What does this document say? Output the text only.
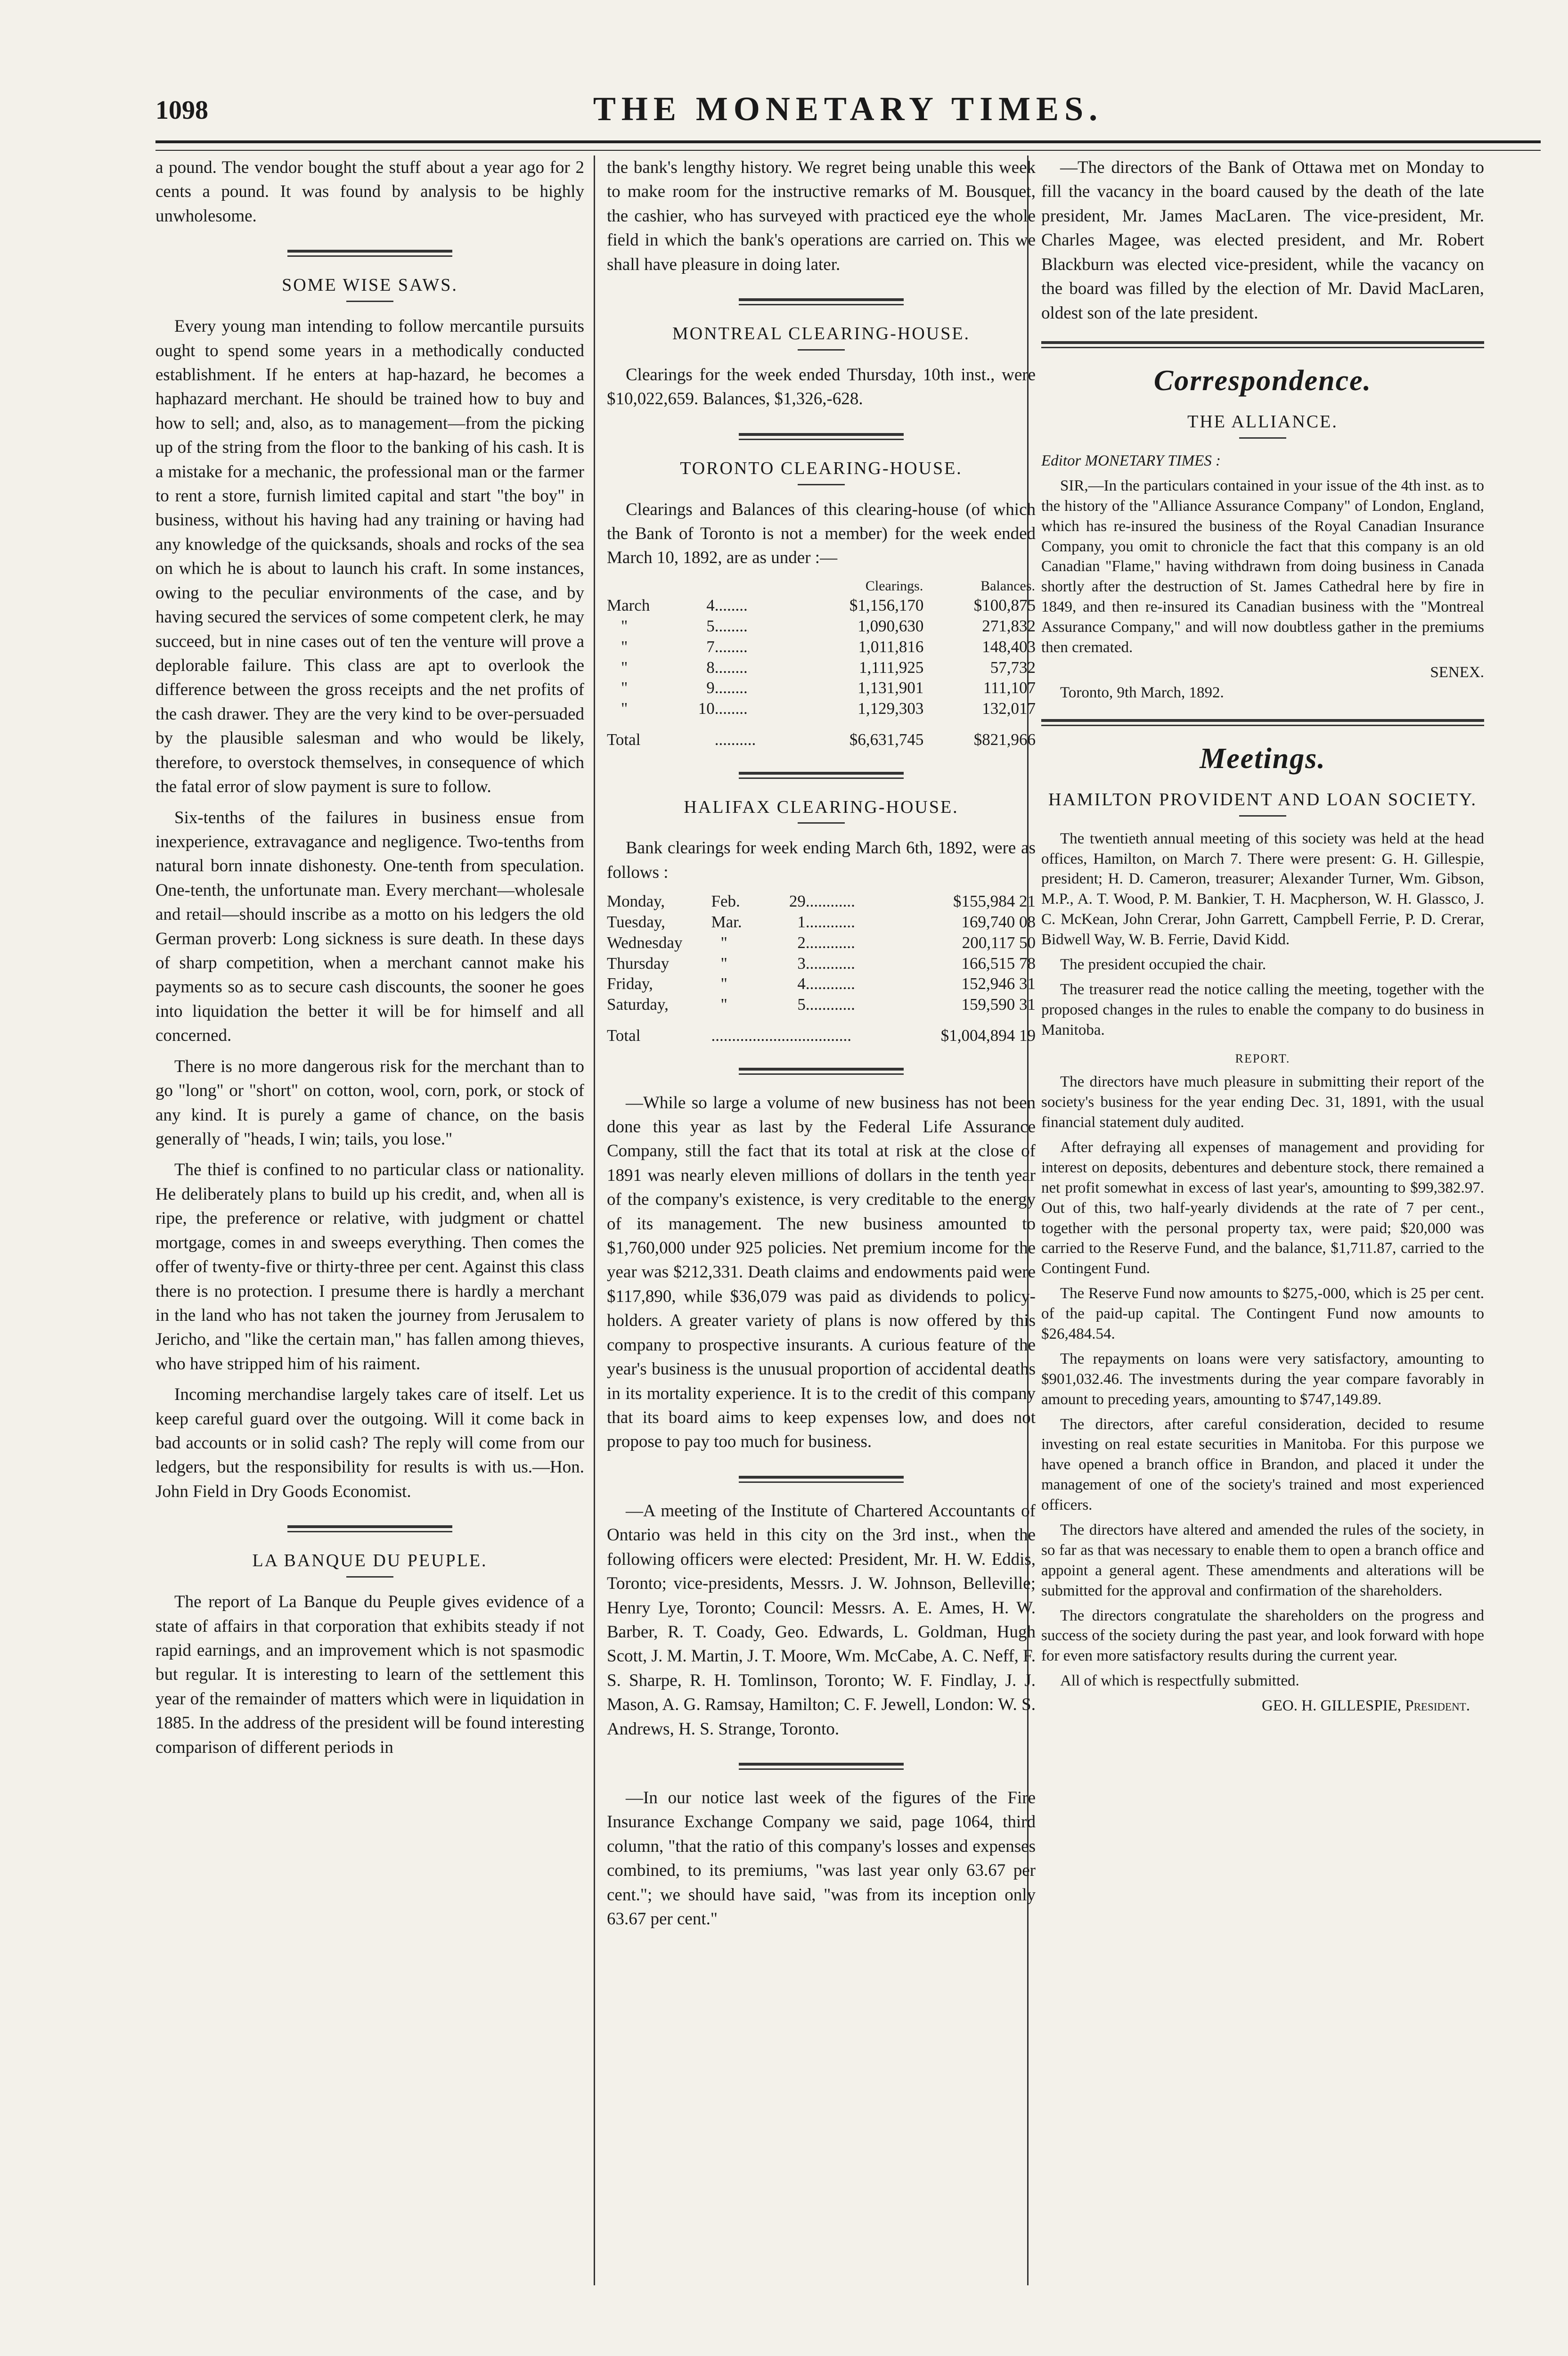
1098	THE MONETARY TIMES.

a pound. The vendor bought the stuff about a year ago for 2 cents a pound. It was found by analysis to be highly unwholesome.

SOME WISE SAWS.

Every young man intending to follow mercantile pursuits ought to spend some years in a methodically conducted establishment. If he enters at hap-hazard, he becomes a haphazard merchant. He should be trained how to buy and how to sell; and, also, as to management—from the picking up of the string from the floor to the banking of his cash. It is a mistake for a mechanic, the professional man or the farmer to rent a store, furnish limited capital and start "the boy" in business, without his having had any training or having had any knowledge of the quicksands, shoals and rocks of the sea on which he is about to launch his craft. In some instances, owing to the peculiar environments of the case, and by having secured the services of some competent clerk, he may succeed, but in nine cases out of ten the venture will prove a deplorable failure. This class are apt to overlook the difference between the gross receipts and the net profits of the cash drawer. They are the very kind to be over-persuaded by the plausible salesman and who would be likely, therefore, to overstock themselves, in consequence of which the fatal error of slow payment is sure to follow.

Six-tenths of the failures in business ensue from inexperience, extravagance and negligence. Two-tenths from natural born innate dishonesty. One-tenth from speculation. One-tenth, the unfortunate man. Every merchant—wholesale and retail—should inscribe as a motto on his ledgers the old German proverb: Long sickness is sure death. In these days of sharp competition, when a merchant cannot make his payments so as to secure cash discounts, the sooner he goes into liquidation the better it will be for himself and all concerned.

There is no more dangerous risk for the merchant than to go "long" or "short" on cotton, wool, corn, pork, or stock of any kind. It is purely a game of chance, on the basis generally of "heads, I win; tails, you lose."

The thief is confined to no particular class or nationality. He deliberately plans to build up his credit, and, when all is ripe, the preference or relative, with judgment or chattel mortgage, comes in and sweeps everything. Then comes the offer of twenty-five or thirty-three per cent. Against this class there is no protection. I presume there is hardly a merchant in the land who has not taken the journey from Jerusalem to Jericho, and "like the certain man," has fallen among thieves, who have stripped him of his raiment.

Incoming merchandise largely takes care of itself. Let us keep careful guard over the outgoing. Will it come back in bad accounts or in solid cash? The reply will come from our ledgers, but the responsibility for results is with us.—Hon. John Field in Dry Goods Economist.

LA BANQUE DU PEUPLE.

The report of La Banque du Peuple gives evidence of a state of affairs in that corporation that exhibits steady if not rapid earnings, and an improvement which is not spasmodic but regular. It is interesting to learn of the settlement this year of the remainder of matters which were in liquidation in 1885. In the address of the president will be found interesting comparison of different periods in

the bank's lengthy history. We regret being unable this week to make room for the instructive remarks of M. Bousquet, the cashier, who has surveyed with practiced eye the whole field in which the bank's operations are carried on. This we shall have pleasure in doing later.

MONTREAL CLEARING-HOUSE.

Clearings for the week ended Thursday, 10th inst., were $10,022,659. Balances, $1,326,-628.

TORONTO CLEARING-HOUSE.

Clearings and Balances of this clearing-house (of which the Bank of Toronto is not a member) for the week ended March 10, 1892, are as under :—

			Clearings.	Balances.
March	4	........	$1,156,170	$100,875
"	5	........	1,090,630	271,832
"	7	........	1,011,816	148,403
"	8	........	1,111,925	57,732
"	9	........	1,131,901	111,107
"	10	........	1,129,303	132,017
Total		..........	$6,631,745	$821,966
HALIFAX CLEARING-HOUSE.

Bank clearings for week ending March 6th, 1892, were as follows :

Monday,	Feb.	29	............	$155,984 21
Tuesday,	Mar.	1	............	169,740 08
Wednesday	"	2	............	200,117 50
Thursday	"	3	............	166,515 78
Friday,	"	4	............	152,946 31
Saturday,	"	5	............	159,590 31
Total	..................................			$1,004,894 19

—While so large a volume of new business has not been done this year as last by the Federal Life Assurance Company, still the fact that its total at risk at the close of 1891 was nearly eleven millions of dollars in the tenth year of the company's existence, is very creditable to the energy of its management. The new business amounted to $1,760,000 under 925 policies. Net premium income for the year was $212,331. Death claims and endowments paid were $117,890, while $36,079 was paid as dividends to policy-holders. A greater variety of plans is now offered by this company to prospective insurants. A curious feature of the year's business is the unusual proportion of accidental deaths in its mortality experience. It is to the credit of this company that its board aims to keep expenses low, and does not propose to pay too much for business.

—A meeting of the Institute of Chartered Accountants of Ontario was held in this city on the 3rd inst., when the following officers were elected: President, Mr. H. W. Eddis, Toronto; vice-presidents, Messrs. J. W. Johnson, Belleville; Henry Lye, Toronto; Council: Messrs. A. E. Ames, H. W. Barber, R. T. Coady, Geo. Edwards, L. Goldman, Hugh Scott, J. M. Martin, J. T. Moore, Wm. McCabe, A. C. Neff, F. S. Sharpe, R. H. Tomlinson, Toronto; W. F. Findlay, J. J. Mason, A. G. Ramsay, Hamilton; C. F. Jewell, London: W. S. Andrews, H. S. Strange, Toronto.

—In our notice last week of the figures of the Fire Insurance Exchange Company we said, page 1064, third column, "that the ratio of this company's losses and expenses combined, to its premiums, "was last year only 63.67 per cent."; we should have said, "was from its inception only 63.67 per cent."

—The directors of the Bank of Ottawa met on Monday to fill the vacancy in the board caused by the death of the late president, Mr. James MacLaren. The vice-president, Mr. Charles Magee, was elected president, and Mr. Robert Blackburn was elected vice-president, while the vacancy on the board was filled by the election of Mr. David MacLaren, oldest son of the late president.

Correspondence.
THE ALLIANCE.

Editor MONETARY TIMES :

SIR,—In the particulars contained in your issue of the 4th inst. as to the history of the "Alliance Assurance Company" of London, England, which has re-insured the business of the Royal Canadian Insurance Company, you omit to chronicle the fact that this company is an old Canadian "Flame," having withdrawn from doing business in Canada shortly after the destruction of St. James Cathedral here by fire in 1849, and then re-insured its Canadian business with the "Montreal Assurance Company," and will now doubtless gather in the premiums then cremated.

SENEX.

Toronto, 9th March, 1892.

Meetings.
HAMILTON PROVIDENT AND LOAN SOCIETY.

The twentieth annual meeting of this society was held at the head offices, Hamilton, on March 7. There were present: G. H. Gillespie, president; H. D. Cameron, treasurer; Alexander Turner, Wm. Gibson, M.P., A. T. Wood, P. M. Bankier, T. H. Macpherson, W. H. Glassco, J. C. McKean, John Crerar, John Garrett, Campbell Ferrie, P. D. Crerar, Bidwell Way, W. B. Ferrie, David Kidd.

The president occupied the chair.

The treasurer read the notice calling the meeting, together with the proposed changes in the rules to enable the company to do business in Manitoba.

REPORT.

The directors have much pleasure in submitting their report of the society's business for the year ending Dec. 31, 1891, with the usual financial statement duly audited.

After defraying all expenses of management and providing for interest on deposits, debentures and debenture stock, there remained a net profit somewhat in excess of last year's, amounting to $99,382.97. Out of this, two half-yearly dividends at the rate of 7 per cent., together with the personal property tax, were paid; $20,000 was carried to the Reserve Fund, and the balance, $1,711.87, carried to the Contingent Fund.

The Reserve Fund now amounts to $275,-000, which is 25 per cent. of the paid-up capital. The Contingent Fund now amounts to $26,484.54.

The repayments on loans were very satisfactory, amounting to $901,032.46. The investments during the year compare favorably in amount to preceding years, amounting to $747,149.89.

The directors, after careful consideration, decided to resume investing on real estate securities in Manitoba. For this purpose we have opened a branch office in Brandon, and placed it under the management of one of the society's trained and most experienced officers.

The directors have altered and amended the rules of the society, in so far as that was necessary to enable them to open a branch office and appoint a general agent. These amendments and alterations will be submitted for the approval and confirmation of the shareholders.

The directors congratulate the shareholders on the progress and success of the society during the past year, and look forward with hope for even more satisfactory results during the current year.

All of which is respectfully submitted.

GEO. H. GILLESPIE, President.
